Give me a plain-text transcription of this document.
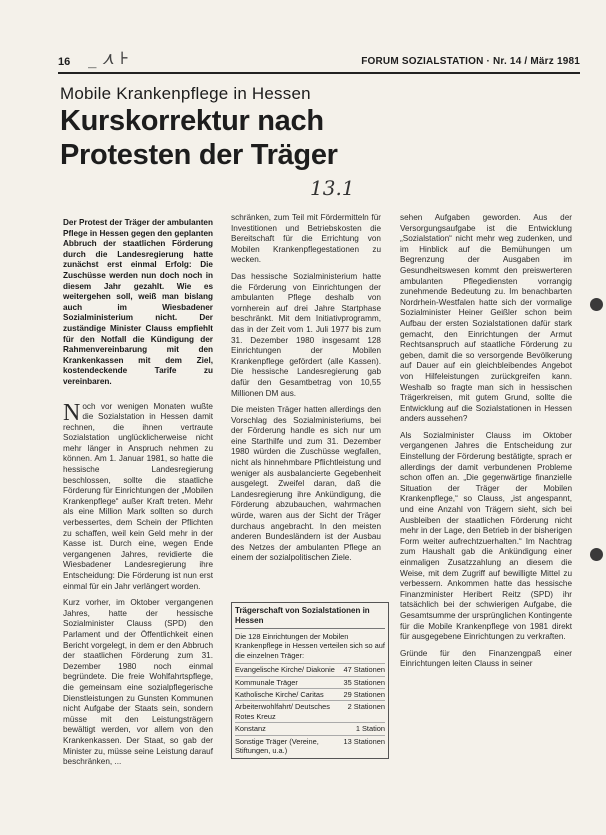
16 _ ⋏ ⊦	FORUM SOZIALSTATION · Nr. 14 / März 1981
Mobile Krankenpflege in Hessen
Kurskorrektur nach
Protesten der Träger
13.1

Der Protest der Träger der ambulanten Pflege in Hessen gegen den geplanten Abbruch der staatlichen Förderung durch die Landesregierung hatte zunächst erst einmal Erfolg: Die Zuschüsse werden nun doch noch in diesem Jahr gezahlt. Wie es weitergehen soll, weiß man bislang auch im Wiesbadener Sozialministerium nicht. Der zuständige Minister Clauss empfiehlt für den Notfall die Kündigung der Rahmenvereinbarung mit den Krankenkassen mit dem Ziel, kostendeckende Tarife zu vereinbaren.

Noch vor wenigen Monaten wußte die Sozialstation in Hessen damit rechnen, die ihnen vertraute Sozialstation unglücklicherweise nicht mehr länger in Anspruch nehmen zu können. Am 1. Januar 1981, so hatte die hessische Landesregierung beschlossen, sollte die staatliche Förderung für Einrichtungen der „Mobilen Krankenpflege“ außer Kraft treten. Mehr als eine Million Mark sollten so durch verbessertes, dem Schein der Pflichten zu schaffen, weil kein Geld mehr in der Kasse ist. Durch eine, wegen Ende vergangenen Jahres, revidierte die Wiesbadener Landesregierung ihre Entscheidung: Die Förderung ist nun erst einmal für ein Jahr verlängert worden.

Kurz vorher, im Oktober vergangenen Jahres, hatte der hessische Sozialminister Clauss (SPD) den Parlament und der Öffentlichkeit einen Bericht vorgelegt, in dem er den Abbruch der staatlichen Förderung zum 31. Dezember 1980 noch einmal begründete. Die freie Wohlfahrtspflege, die gemeinsam eine sozialpflegerische Dienstleistungen zu Gunsten Kommunen nicht Aufgabe der Staats sein, sondern müsse mit den Leistungsträgern bewältigt werden, vor allem von den Krankenkassen. Der Staat, so gab der Minister zu, müsse seine Leistung darauf beschränken, ...

schränken, zum Teil mit Fördermitteln für Investitionen und Betriebskosten die Bereitschaft für die Errichtung von Mobilen Krankenpflegestationen zu wecken.

Das hessische Sozialministerium hatte die Förderung von Einrichtungen der ambulanten Pflege deshalb von vornherein auf drei Jahre Startphase beschränkt. Mit dem Initiativprogramm, das in der Zeit vom 1. Juli 1977 bis zum 31. Dezember 1980 insgesamt 128 Einrichtungen der Mobilen Krankenpflege gefördert (alle Kassen). Die hessische Landesregierung gab dafür den Gesamtbetrag von 10,55 Millionen DM aus.

Die meisten Träger hatten allerdings den Vorschlag des Sozialministeriums, bei der Förderung handle es sich nur um eine Starthilfe und zum 31. Dezember 1980 würden die Zuschüsse wegfallen, nicht als hinnehmbare Pflichtleistung und weniger als ausbalancierte Gegebenheit ausgelegt. Zweifel daran, daß die Landesregierung ihre Ankündigung, die Förderung abzubauchen, wahrmachen würde, waren aus der Sicht der Träger durchaus angebracht. In den meisten anderen Bundesländern ist der Ausbau des Netzes der ambulanten Pflege an einem der sozialpolitischen Ziele.

Trägerschaft von Sozialstationen in Hessen
Die 128 Einrichtungen der Mobilen Krankenpflege in Hessen verteilen sich so auf die einzelnen Träger:
Evangelische Kirche/ Diakonie	47 Stationen
Kommunale Träger	35 Stationen
Katholische Kirche/ Caritas	29 Stationen
Arbeiterwohlfahrt/ Deutsches Rotes Kreuz
2 Stationen
Konstanz	1 Station
Sonstige Träger (Vereine, Stiftungen, u.a.)
13 Stationen

sehen Aufgaben geworden. Aus der Versorgungsaufgabe ist die Entwicklung „Sozialstation“ nicht mehr weg zudenken, und im Hinblick auf die Bemühungen um Begrenzung der Ausgaben im Gesundheitswesen kommt den preiswerteren ambulanten Pflegediensten vorrangig zunehmende Bedeutung zu. Im benachbarten Nordrhein-Westfalen hatte sich der vormalige Sozialminister Heiner Geißler schon beim Aufbau der ersten Sozialstationen dafür stark gemacht, den Einrichtungen der Armut Rechtsanspruch auf staatliche Förderung zu geben, damit die so versorgende Bevölkerung auf Dauer auf ein gleichbleibendes Angebot von Hilfeleistungen zurückgreifen kann. Weshalb so fragte man sich in hessischen Trägerkreisen, mit gutem Grund, sollte die Entwicklung auf die Sozialstationen in Hessen anders aussehen?

Als Sozialminister Clauss im Oktober vergangenen Jahres die Entscheidung zur Einstellung der Förderung bestätigte, sprach er allerdings der damit verbundenen Probleme schon offen an. „Die gegenwärtige finanzielle Situation der Träger der Mobilen Krankenpflege,“ so Clauss, „ist angespannt, und eine Anzahl von Trägern sieht, sich bei Ausbleiben der staatlichen Förderung nicht mehr in der Lage, den Betrieb in der bisherigen Form weiter aufrechtzuerhalten.“ Im Nachtrag zum Haushalt gab die Ankündigung einer einmaligen Zusatzzahlung an diesem die Weise, mit dem Zugriff auf bewilligte Mittel zu verbessern. Ankommen hatte das hessische Finanzminister Heribert Reitz (SPD) ihr tatsächlich bei der schwierigen Aufgabe, die Gesamtsumme der ursprünglichen Kontingente für die Mobile Krankenpflege von 1981 direkt für ausgegebene Einrichtungen zu verkraften.

Gründe für den Finanzengpaß einer Einrichtungen leiten Clauss in seiner
